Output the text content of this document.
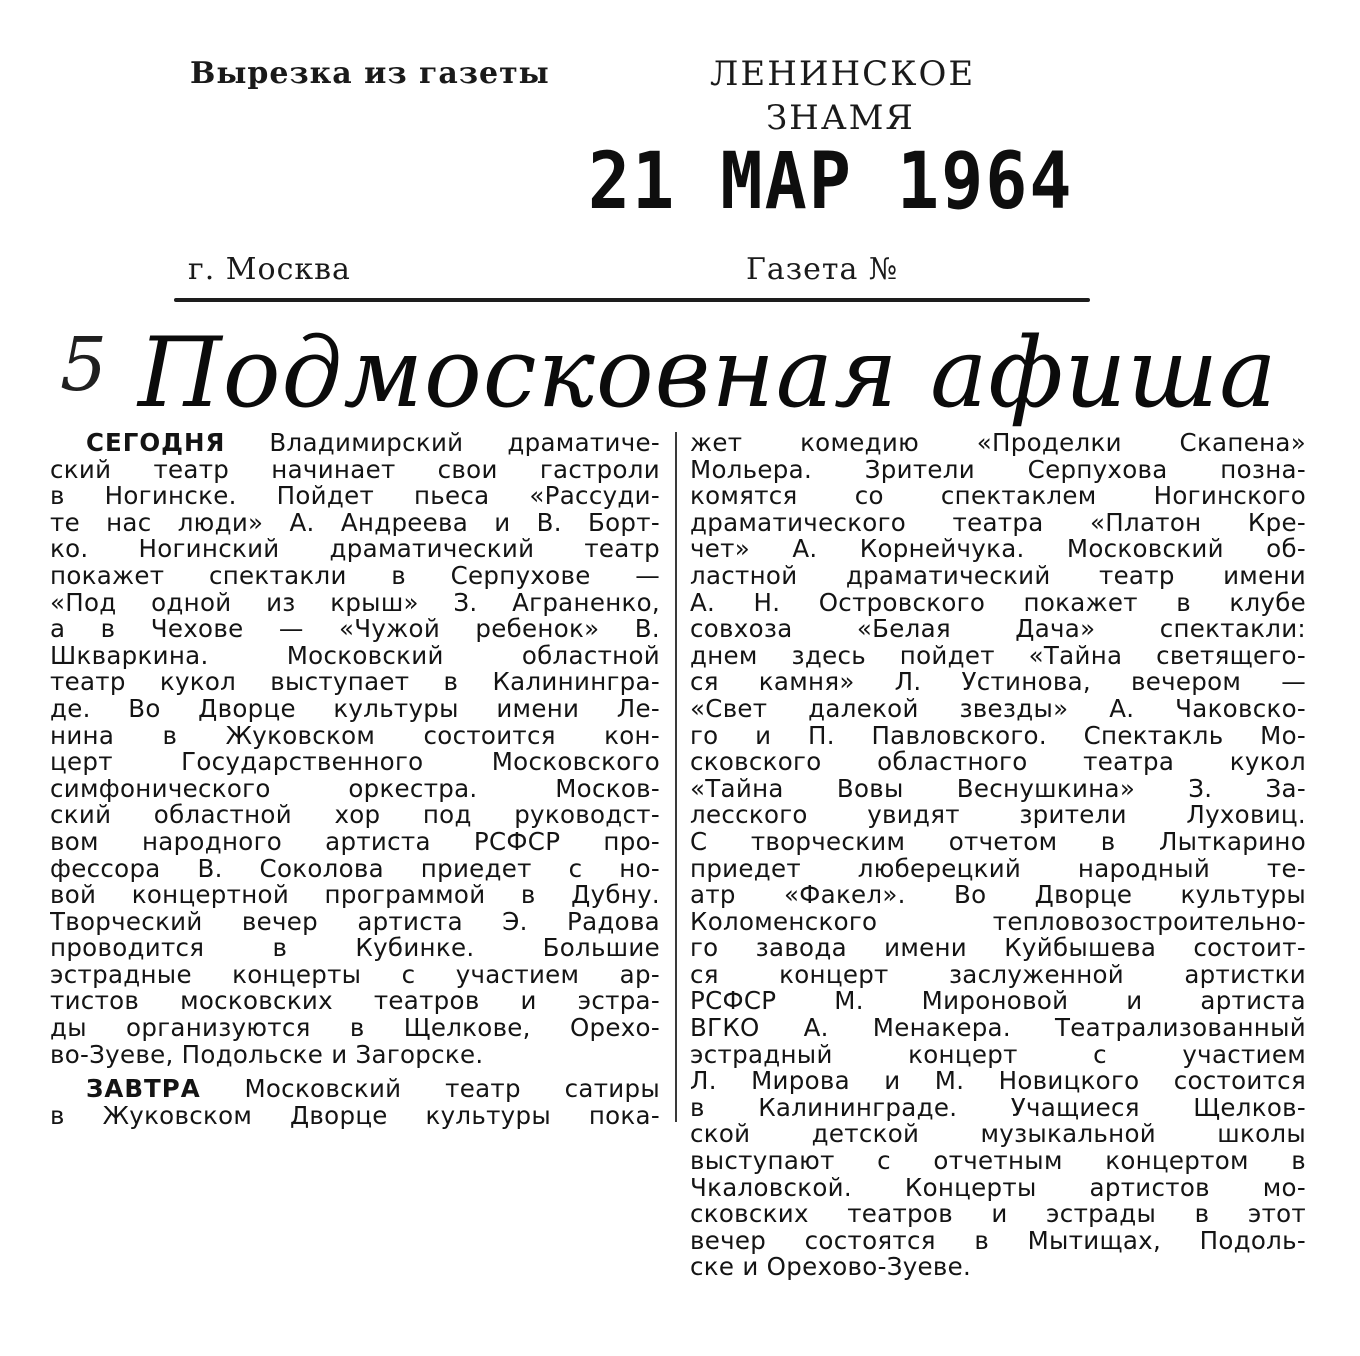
Вырезка из газеты	ЛЕНИНСКОЕ
ЗНАМЯ
21 МАР 1964
г. Москва	Газета №
5 Подмосковная афиша
СЕГОДНЯ Владимирский драматиче-
ский театр начинает свои гастроли
в Ногинске. Пойдет пьеса «Рассуди-
те нас люди» А. Андреева и В. Борт-
ко. Ногинский драматический театр
покажет спектакли в Серпухове —
«Под одной из крыш» З. Аграненко,
а в Чехове — «Чужой ребенок» В.
Шкваркина. Московский областной
театр кукол выступает в Калинингра-
де. Во Дворце культуры имени Ле-
нина в Жуковском состоится кон-
церт Государственного Московского
симфонического оркестра. Москов-
ский областной хор под руководст-
вом народного артиста РСФСР про-
фессора В. Соколова приедет с но-
вой концертной программой в Дубну.
Творческий вечер артиста Э. Радова
проводится в Кубинке. Большие
эстрадные концерты с участием ар-
тистов московских театров и эстра-
ды организуются в Щелкове, Орехо-
во-Зуеве, Подольске и Загорске.
ЗАВТРА Московский театр сатиры
в Жуковском Дворце культуры пока-
жет комедию «Проделки Скапена»
Мольера. Зрители Серпухова позна-
комятся со спектаклем Ногинского
драматического театра «Платон Кре-
чет» А. Корнейчука. Московский об-
ластной драматический театр имени
А. Н. Островского покажет в клубе
совхоза «Белая Дача» спектакли:
днем здесь пойдет «Тайна светящего-
ся камня» Л. Устинова, вечером —
«Свет далекой звезды» А. Чаковско-
го и П. Павловского. Спектакль Мо-
сковского областного театра кукол
«Тайна Вовы Веснушкина» З. За-
лесского увидят зрители Луховиц.
С творческим отчетом в Лыткарино
приедет люберецкий народный те-
атр «Факел». Во Дворце культуры
Коломенского тепловозостроительно-
го завода имени Куйбышева состоит-
ся концерт заслуженной артистки
РСФСР М. Мироновой и артиста
ВГКО А. Менакера. Театрализованный
эстрадный концерт с участием
Л. Мирова и М. Новицкого состоится
в Калининграде. Учащиеся Щелков-
ской детской музыкальной школы
выступают с отчетным концертом в
Чкаловской. Концерты артистов мо-
сковских театров и эстрады в этот
вечер состоятся в Мытищах, Подоль-
ске и Орехово-Зуеве.
